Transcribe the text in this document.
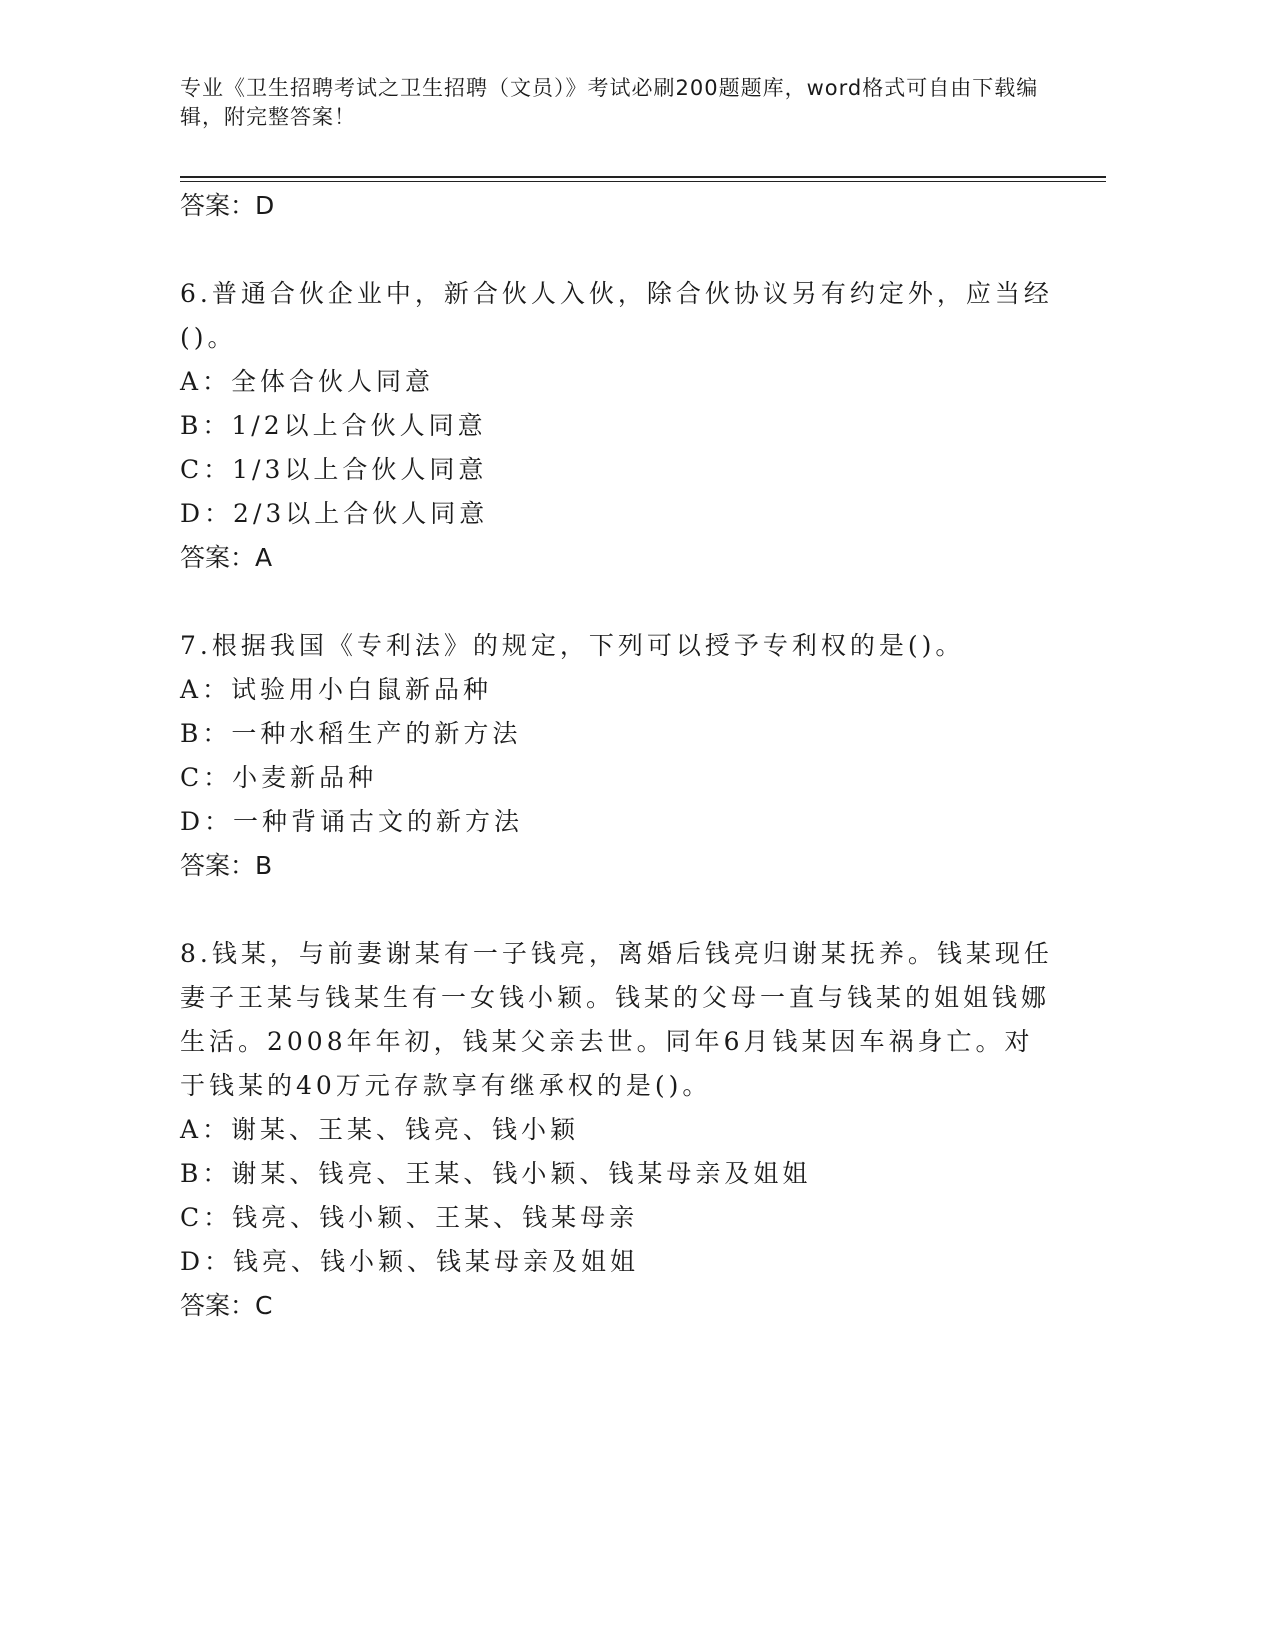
专业《卫生招聘考试之卫生招聘（文员）》考试必刷200题题库，word格式可自由下载编辑，附完整答案！
答案：D
6.普通合伙企业中，新合伙人入伙，除合伙协议另有约定外，应当经()。
A：全体合伙人同意
B：1/2以上合伙人同意
C：1/3以上合伙人同意
D：2/3以上合伙人同意
答案：A
7.根据我国《专利法》的规定，下列可以授予专利权的是()。
A：试验用小白鼠新品种
B：一种水稻生产的新方法
C：小麦新品种
D：一种背诵古文的新方法
答案：B
8.钱某，与前妻谢某有一子钱亮，离婚后钱亮归谢某抚养。钱某现任妻子王某与钱某生有一女钱小颖。钱某的父母一直与钱某的姐姐钱娜生活。2008年年初，钱某父亲去世。同年6月钱某因车祸身亡。对于钱某的40万元存款享有继承权的是()。
A：谢某、王某、钱亮、钱小颖
B：谢某、钱亮、王某、钱小颖、钱某母亲及姐姐
C：钱亮、钱小颖、王某、钱某母亲
D：钱亮、钱小颖、钱某母亲及姐姐
答案：C
